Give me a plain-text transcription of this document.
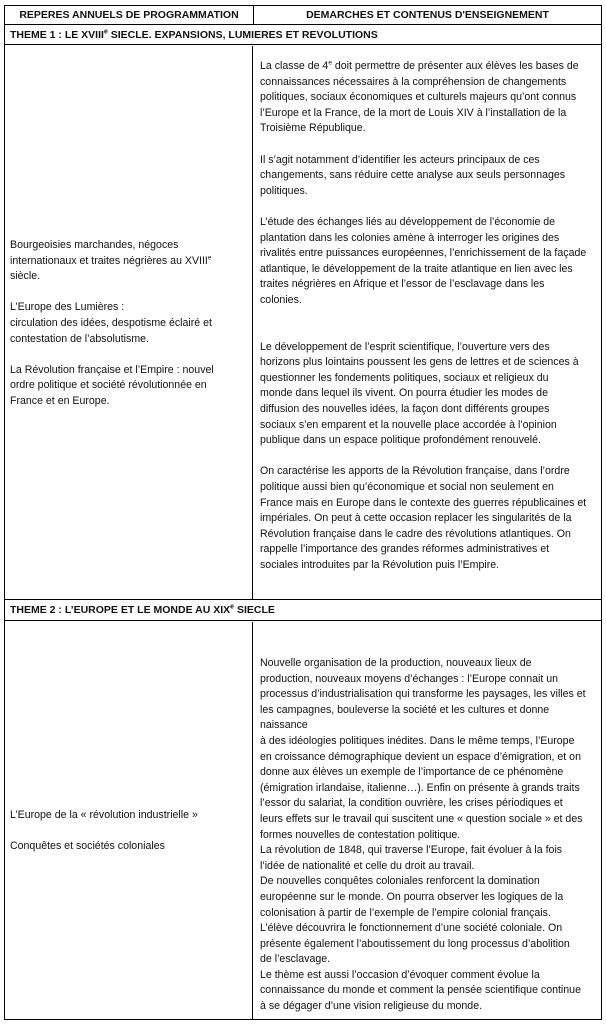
REPERES ANNUELS DE PROGRAMMATION	DEMARCHES ET CONTENUS D'ENSEIGNEMENT
THEME 1 : LE XVIIIe SIECLE. EXPANSIONS, LUMIERES ET REVOLUTIONS

Bourgeoisies marchandes, négoces

internationaux et traites négrières au XVIIIe

siècle.

L’Europe des Lumières :

circulation des idées, despotisme éclairé et

contestation de l’absolutisme.

La Révolution française et l’Empire : nouvel

ordre politique et société révolutionnée en

France et en Europe.

La classe de 4e doit permettre de présenter aux élèves les bases de

connaissances nécessaires à la compréhension de changements

politiques, sociaux économiques et culturels majeurs qu’ont connus

l’Europe et la France, de la mort de Louis XIV à l’installation de la

Troisième République.

Il s’agit notamment d’identifier les acteurs principaux de ces

changements, sans réduire cette analyse aux seuls personnages

politiques.

L’étude des échanges liés au développement de l’économie de

plantation dans les colonies amène à interroger les origines des

rivalités entre puissances européennes, l’enrichissement de la façade

atlantique, le développement de la traite atlantique en lien avec les

traites négrières en Afrique et l’essor de l’esclavage dans les

colonies.

Le développement de l’esprit scientifique, l’ouverture vers des

horizons plus lointains poussent les gens de lettres et de sciences à

questionner les fondements politiques, sociaux et religieux du

monde dans lequel ils vivent. On pourra étudier les modes de

diffusion des nouvelles idées, la façon dont différents groupes

sociaux s’en emparent et la nouvelle place accordée à l’opinion

publique dans un espace politique profondément renouvelé.

On caractérise les apports de la Révolution française, dans l’ordre

politique aussi bien qu’économique et social non seulement en

France mais en Europe dans le contexte des guerres républicaines et

impériales. On peut à cette occasion replacer les singularités de la

Révolution française dans le cadre des révolutions atlantiques. On

rappelle l’importance des grandes réformes administratives et

sociales introduites par la Révolution puis l’Empire.

THEME 2 : L’EUROPE ET LE MONDE AU XIXe SIECLE

L’Europe de la « révolution industrielle »

Conquêtes et sociétés coloniales

Nouvelle organisation de la production, nouveaux lieux de

production, nouveaux moyens d’échanges : l’Europe connait un

processus d’industrialisation qui transforme les paysages, les villes et

les campagnes, bouleverse la société et les cultures et donne

naissance

à des idéologies politiques inédites. Dans le même temps, l’Europe

en croissance démographique devient un espace d’émigration, et on

donne aux élèves un exemple de l’importance de ce phénomène

(émigration irlandaise, italienne…). Enfin on présente à grands traits

l’essor du salariat, la condition ouvrière, les crises périodiques et

leurs effets sur le travail qui suscitent une « question sociale » et des

formes nouvelles de contestation politique.

La révolution de 1848, qui traverse l’Europe, fait évoluer à la fois

l’idée de nationalité et celle du droit au travail.

De nouvelles conquêtes coloniales renforcent la domination

européenne sur le monde. On pourra observer les logiques de la

colonisation à partir de l’exemple de l’empire colonial français.

L’élève découvrira le fonctionnement d’une société coloniale. On

présente également l’aboutissement du long processus d’abolition

de l’esclavage.

Le thème est aussi l’occasion d’évoquer comment évolue la

connaissance du monde et comment la pensée scientifique continue

à se dégager d’une vision religieuse du monde.
